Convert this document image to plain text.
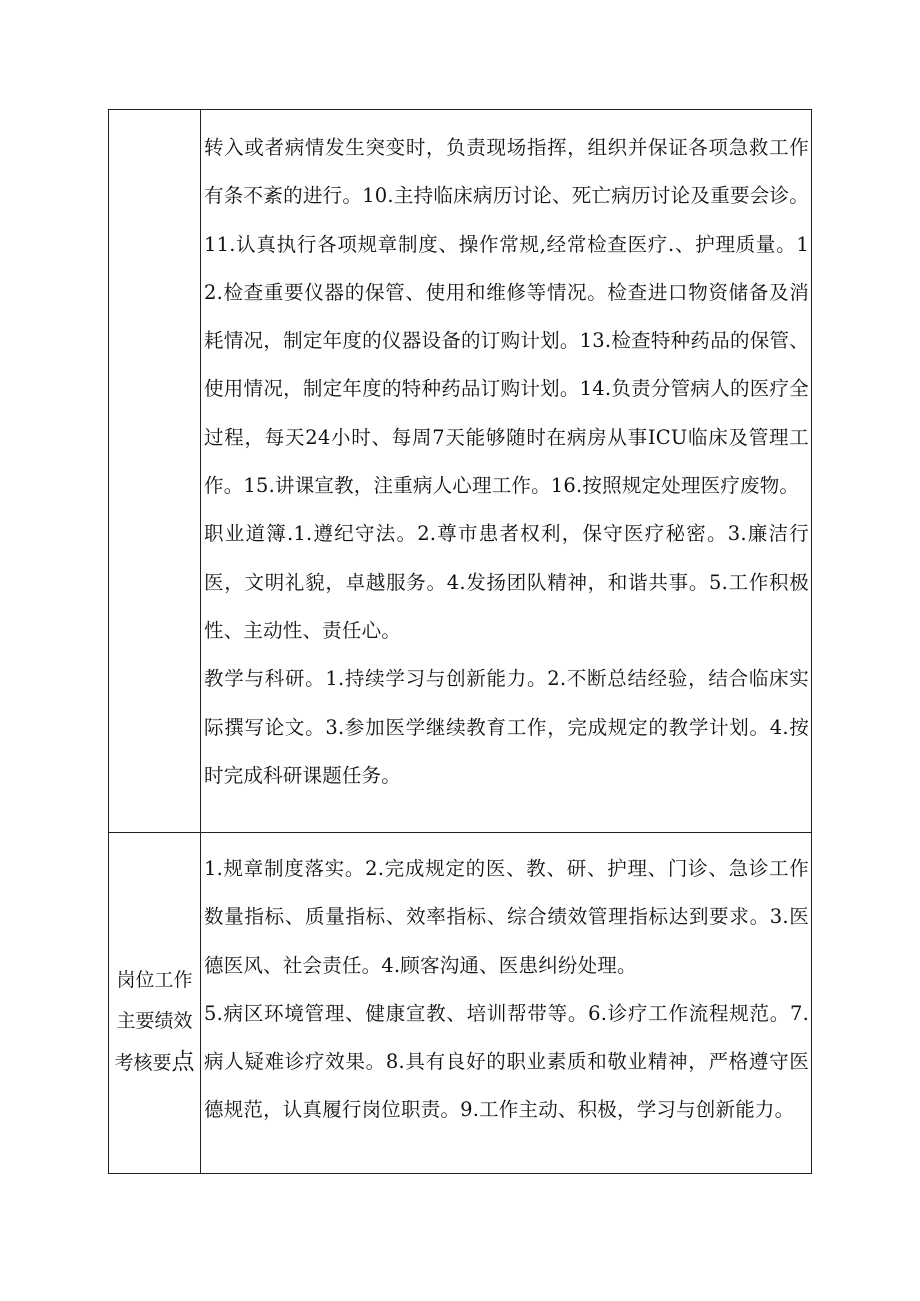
	转入或者病情发生突变时，负责现场指挥，组织并保证各项急救工作有条不紊的进行。10.主持临床病历讨论、死亡病历讨论及重要会诊。11.认真执行各项规章制度、操作常规,经常检查医疗.、护理质量。12.检查重要仪器的保管、使用和维修等情况。检查进口物资储备及消耗情况，制定年度的仪器设备的订购计划。13.检查特种药品的保管、使用情况，制定年度的特种药品订购计划。14.负责分管病人的医疗全过程，每天24小时、每周7天能够随时在病房从事ICU临床及管理工作。15.讲课宣教，注重病人心理工作。16.按照规定处理医疗废物。

职业道簿.1.遵纪守法。2.尊市患者权利，保守医疗秘密。3.廉洁行医，文明礼貌，卓越服务。4.发扬团队精神，和谐共事。5.工作积极性、主动性、责任心。

教学与科研。1.持续学习与创新能力。2.不断总结经验，结合临床实际撰写论文。3.参加医学继续教育工作，完成规定的教学计划。4.按时完成科研课题任务。

岗位工作主要绩效考核要点	1.规章制度落实。2.完成规定的医、教、研、护理、门诊、急诊工作数量指标、质量指标、效率指标、综合绩效管理指标达到要求。3.医德医风、社会责任。4.顾客沟通、医患纠纷处理。

5.病区环境管理、健康宣教、培训帮带等。6.诊疗工作流程规范。7.病人疑难诊疗效果。8.具有良好的职业素质和敬业精神，严格遵守医德规范，认真履行岗位职责。9.工作主动、积极，学习与创新能力。
